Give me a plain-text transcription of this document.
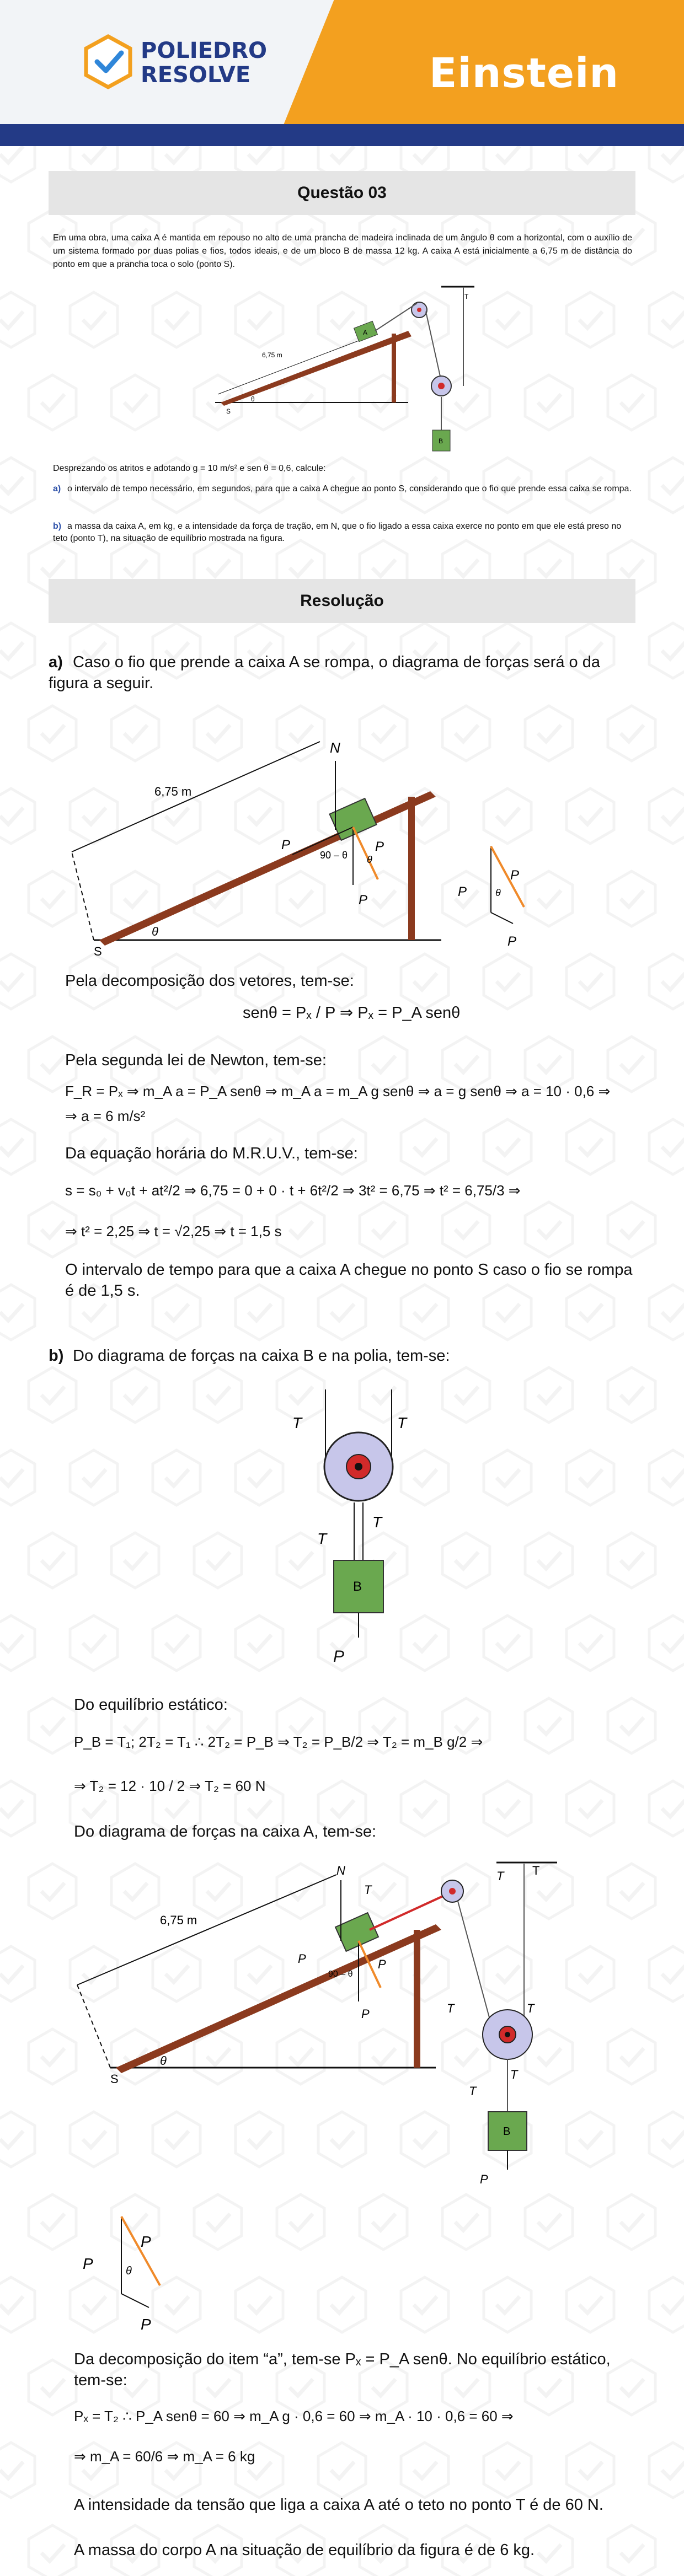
Einstein
POLIEDRO
RESOLVE
Questão 03
Em uma obra, uma caixa A é mantida em repouso no alto de uma prancha de madeira inclinada de um ângulo θ com a horizontal, com o auxílio de um sistema formado por duas polias e fios, todos ideais, e de um bloco B de massa 12 kg. A caixa A está inicialmente a 6,75 m de distância do ponto em que a prancha toca o solo (ponto S).
6,75 m
A
S
θ
T
B
Desprezando os atritos e adotando g = 10 m/s² e sen θ = 0,6, calcule:
a) o intervalo de tempo necessário, em segundos, para que a caixa A chegue ao ponto S, considerando que o fio que prende essa caixa se rompa.
b) a massa da caixa A, em kg, e a intensidade da força de tração, em N, que o fio ligado a essa caixa exerce no ponto em que ele está preso no teto (ponto T), na situação de equilíbrio mostrada na figura.
Resolução
a) Caso o fio que prende a caixa A se rompa, o diagrama de forças será o da figura a seguir.
6,75 m
N
P	P
P
90 – θ θ
S
θ
P
P
P
θ
Pela decomposição dos vetores, tem-se:
senθ = Pₓ / P ⇒ Pₓ = P_A senθ
Pela segunda lei de Newton, tem-se:
F_R = Pₓ ⇒ m_A a = P_A senθ ⇒ m_A a = m_A g senθ ⇒ a = g senθ ⇒ a = 10 · 0,6 ⇒
⇒ a = 6 m/s²
Da equação horária do M.R.U.V., tem-se:
s = s₀ + v₀t + at²/2 ⇒ 6,75 = 0 + 0 · t + 6t²/2 ⇒ 3t² = 6,75 ⇒ t² = 6,75/3 ⇒
⇒ t² = 2,25 ⇒ t = √2,25 ⇒ t = 1,5 s
O intervalo de tempo para que a caixa A chegue no ponto S caso o fio se rompa é de 1,5 s.
b) Do diagrama de forças na caixa B e na polia, tem-se:
T	T
T
T
B
P
Do equilíbrio estático:
P_B = T₁; 2T₂ = T₁ ∴ 2T₂ = P_B ⇒ T₂ = P_B/2 ⇒ T₂ = m_B g/2 ⇒
⇒ T₂ = 12 · 10 / 2 ⇒ T₂ = 60 N
Do diagrama de forças na caixa A, tem-se:
6,75 m
N
T
P	P
P
90 – θ
T
T
T	T
T
T
B
P
S
θ
P
P
P
θ
Da decomposição do item “a”, tem-se Pₓ = P_A senθ. No equilíbrio estático, tem-se:
Pₓ = T₂ ∴ P_A senθ = 60 ⇒ m_A g · 0,6 = 60 ⇒ m_A · 10 · 0,6 = 60 ⇒
⇒ m_A = 60/6 ⇒ m_A = 6 kg
A intensidade da tensão que liga a caixa A até o teto no ponto T é de 60 N.
A massa do corpo A na situação de equilíbrio da figura é de 6 kg.
